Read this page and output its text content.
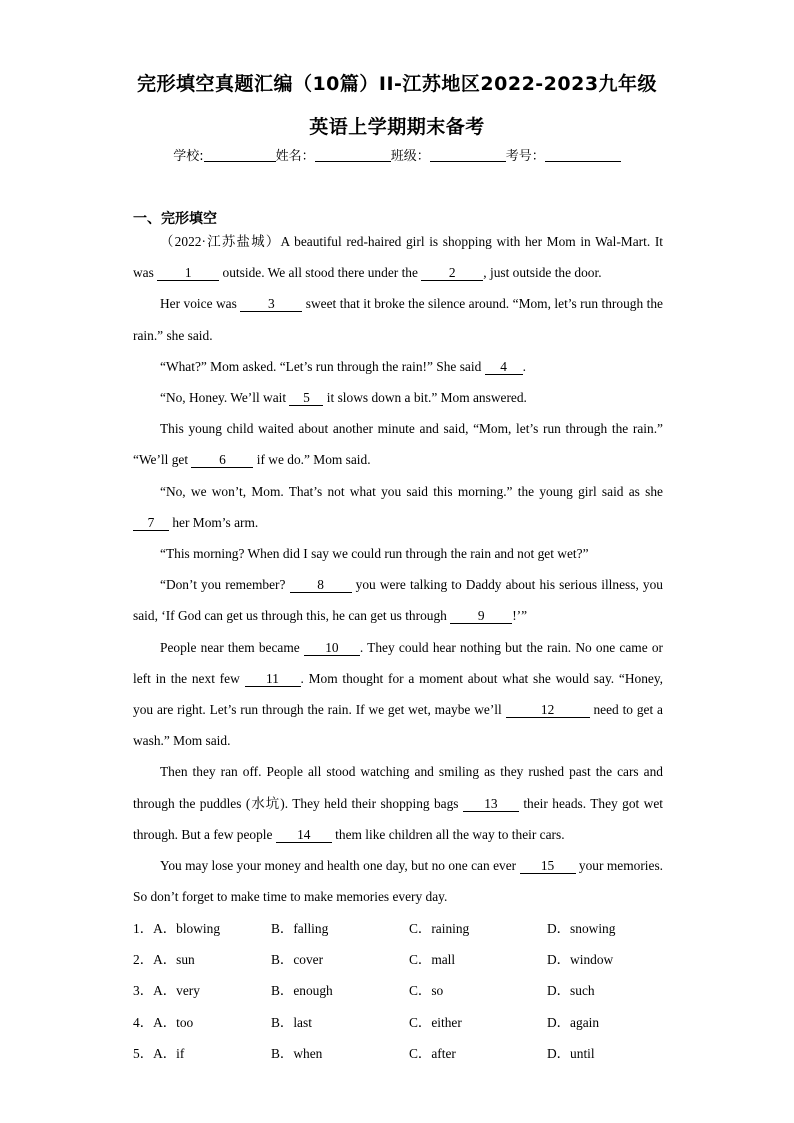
完形填空真题汇编（10篇）II-江苏地区2022-2023九年级
英语上学期期末备考
学校:	姓名：	班级：	考号：
一、完形填空

（2022·江苏盐城）A beautiful red-haired girl is shopping with her Mom in Wal-Mart. It was 1 outside. We all stood there under the 2 , just outside the door.

Her voice was 3 sweet that it broke the silence around. “Mom, let’s run through the rain.” she said.

“What?” Mom asked. “Let’s run through the rain!” She said 4 .

“No, Honey. We’ll wait 5 it slows down a bit.” Mom answered.

This young child waited about another minute and said, “Mom, let’s run through the rain.” “We’ll get 6 if we do.” Mom said.

“No, we won’t, Mom. That’s not what you said this morning.” the young girl said as she 7 her Mom’s arm.

“This morning? When did I say we could run through the rain and not get wet?”

“Don’t you remember? 8 you were talking to Daddy about his serious illness, you said, ‘If God can get us through this, he can get us through 9 !’”

People near them became 10 . They could hear nothing but the rain. No one came or left in the next few 11 . Mom thought for a moment about what she would say. “Honey, you are right. Let’s run through the rain. If we get wet, maybe we’ll	12	need to get a wash.” Mom said.

Then they ran off. People all stood watching and smiling as they rushed past the cars and through the puddles (水坑). They held their shopping bags 13 their heads. They got wet through. But a few people 14 them like children all the way to their cars.

You may lose your money and health one day, but no one can ever 15 your memories. So don’t forget to make time to make memories every day.

1．A．blowing	B．falling	C．raining	D．snowing
2．A．sun	B．cover	C．mall	D．window
3．A．very	B．enough	C．so	D．such
4．A．too	B．last	C．either	D．again
5．A．if	B．when	C．after	D．until
